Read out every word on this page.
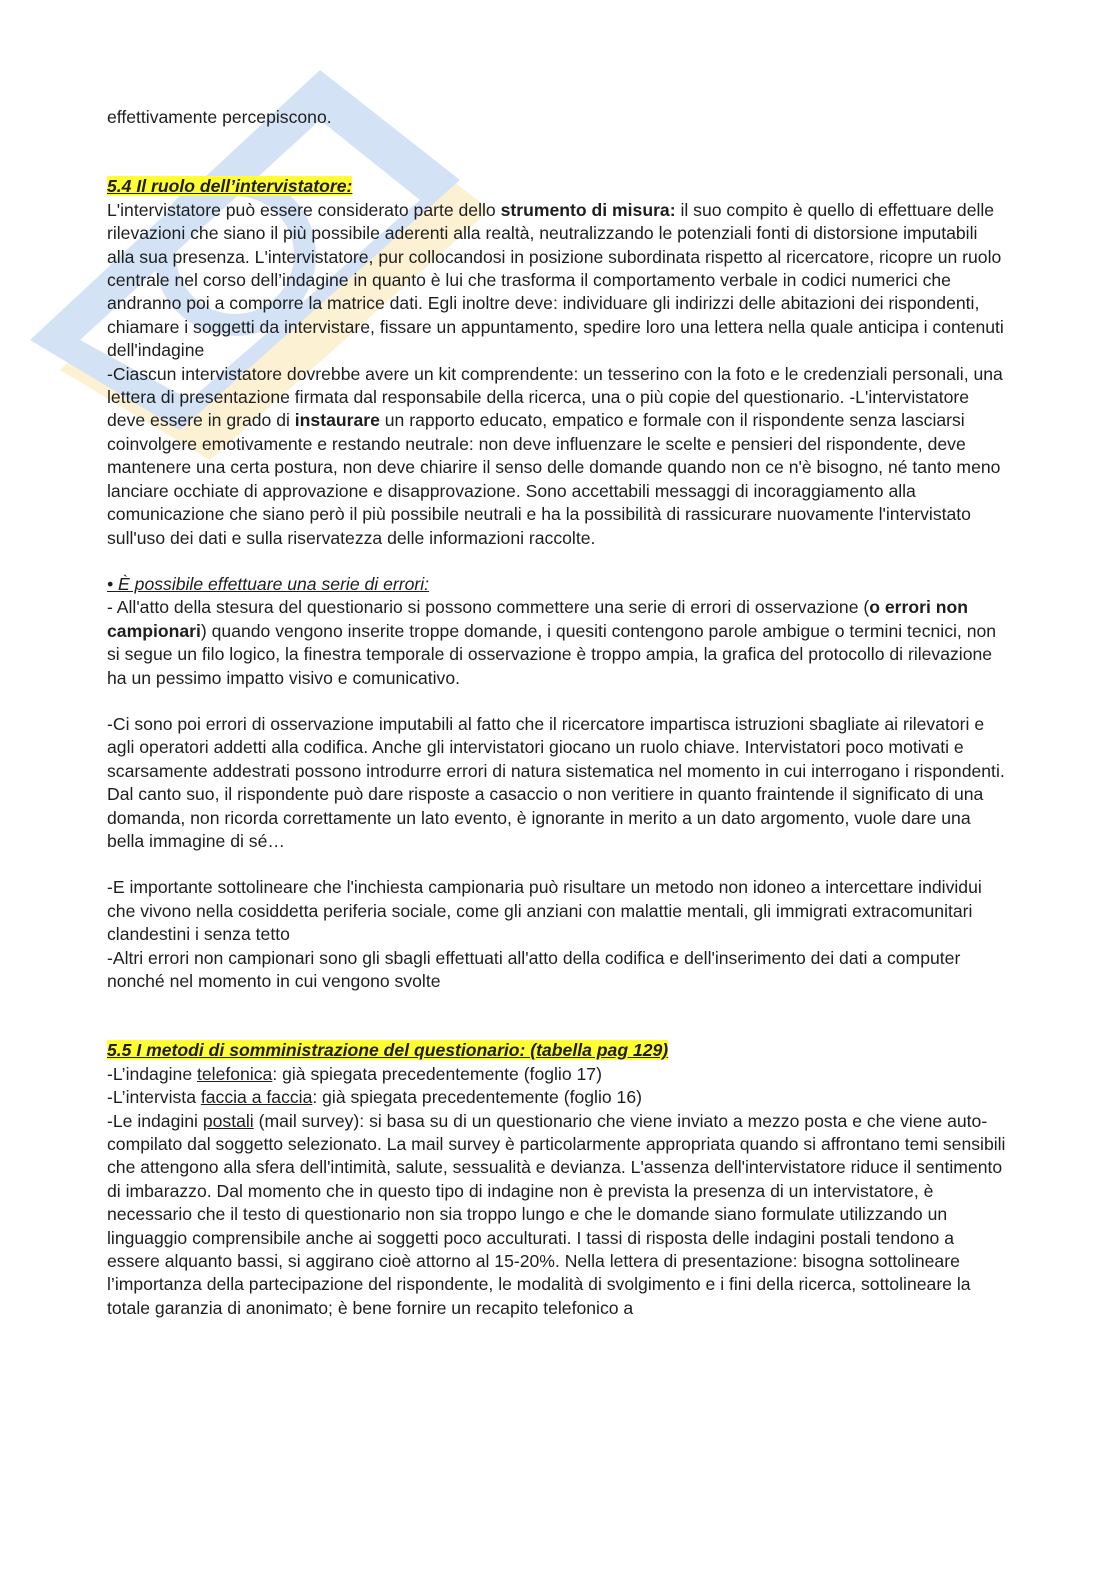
effettivamente percepiscono.

5.4 Il ruolo dell’intervistatore:

L'intervistatore può essere considerato parte dello strumento di misura: il suo compito è quello di effettuare delle rilevazioni che siano il più possibile aderenti alla realtà, neutralizzando le potenziali fonti di distorsione imputabili alla sua presenza. L'intervistatore, pur collocandosi in posizione subordinata rispetto al ricercatore, ricopre un ruolo centrale nel corso dell’indagine in quanto è lui che trasforma il comportamento verbale in codici numerici che andranno poi a comporre la matrice dati. Egli inoltre deve: individuare gli indirizzi delle abitazioni dei rispondenti, chiamare i soggetti da intervistare, fissare un appuntamento, spedire loro una lettera nella quale anticipa i contenuti dell'indagine

-Ciascun intervistatore dovrebbe avere un kit comprendente: un tesserino con la foto e le credenziali personali, una lettera di presentazione firmata dal responsabile della ricerca, una o più copie del questionario. -L'intervistatore deve essere in grado di instaurare un rapporto educato, empatico e formale con il rispondente senza lasciarsi coinvolgere emotivamente e restando neutrale: non deve influenzare le scelte e pensieri del rispondente, deve mantenere una certa postura, non deve chiarire il senso delle domande quando non ce n'è bisogno, né tanto meno lanciare occhiate di approvazione e disapprovazione. Sono accettabili messaggi di incoraggiamento alla comunicazione che siano però il più possibile neutrali e ha la possibilità di rassicurare nuovamente l'intervistato sull'uso dei dati e sulla riservatezza delle informazioni raccolte.

• È possibile effettuare una serie di errori:

- All'atto della stesura del questionario si possono commettere una serie di errori di osservazione (o errori non campionari) quando vengono inserite troppe domande, i quesiti contengono parole ambigue o termini tecnici, non si segue un filo logico, la finestra temporale di osservazione è troppo ampia, la grafica del protocollo di rilevazione ha un pessimo impatto visivo e comunicativo.

-Ci sono poi errori di osservazione imputabili al fatto che il ricercatore impartisca istruzioni sbagliate ai rilevatori e agli operatori addetti alla codifica. Anche gli intervistatori giocano un ruolo chiave. Intervistatori poco motivati e scarsamente addestrati possono introdurre errori di natura sistematica nel momento in cui interrogano i rispondenti. Dal canto suo, il rispondente può dare risposte a casaccio o non veritiere in quanto fraintende il significato di una domanda, non ricorda correttamente un lato evento, è ignorante in merito a un dato argomento, vuole dare una bella immagine di sé…

-E importante sottolineare che l'inchiesta campionaria può risultare un metodo non idoneo a intercettare individui che vivono nella cosiddetta periferia sociale, come gli anziani con malattie mentali, gli immigrati extracomunitari clandestini i senza tetto

-Altri errori non campionari sono gli sbagli effettuati all'atto della codifica e dell'inserimento dei dati a computer nonché nel momento in cui vengono svolte

5.5 I metodi di somministrazione del questionario: (tabella pag 129)

-L’indagine telefonica: già spiegata precedentemente (foglio 17)

-L’intervista faccia a faccia: già spiegata precedentemente (foglio 16)

-Le indagini postali (mail survey): si basa su di un questionario che viene inviato a mezzo posta e che viene auto-compilato dal soggetto selezionato. La mail survey è particolarmente appropriata quando si affrontano temi sensibili che attengono alla sfera dell'intimità, salute, sessualità e devianza. L'assenza dell'intervistatore riduce il sentimento di imbarazzo. Dal momento che in questo tipo di indagine non è prevista la presenza di un intervistatore, è necessario che il testo di questionario non sia troppo lungo e che le domande siano formulate utilizzando un linguaggio comprensibile anche ai soggetti poco acculturati. I tassi di risposta delle indagini postali tendono a essere alquanto bassi, si aggirano cioè attorno al 15-20%. Nella lettera di presentazione: bisogna sottolineare l’importanza della partecipazione del rispondente, le modalità di svolgimento e i fini della ricerca, sottolineare la totale garanzia di anonimato; è bene fornire un recapito telefonico a
